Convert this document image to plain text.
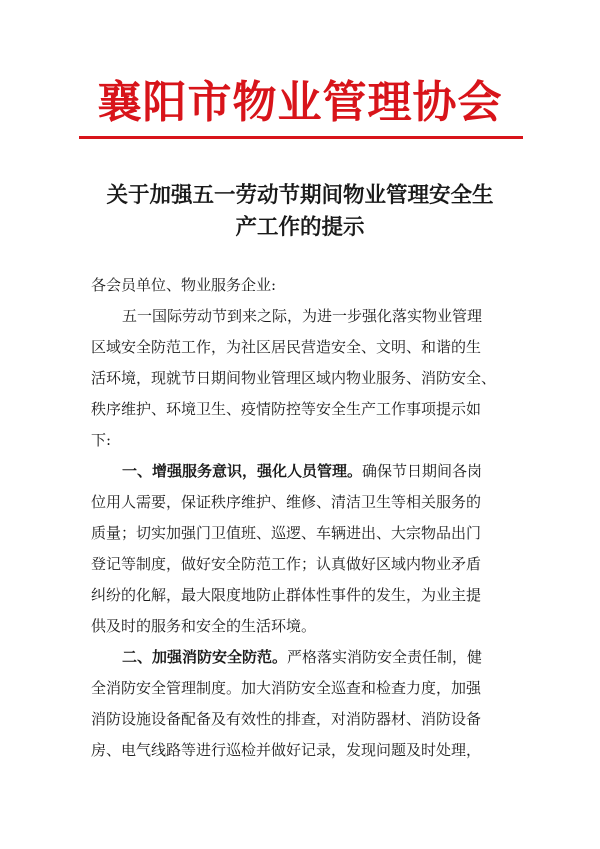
襄阳市物业管理协会
关于加强五一劳动节期间物业管理安全生
产工作的提示
各会员单位、物业服务企业:
五一国际劳动节到来之际，为进一步强化落实物业管理
区域安全防范工作，为社区居民营造安全、文明、和谐的生
活环境，现就节日期间物业管理区域内物业服务、消防安全、
秩序维护、环境卫生、疫情防控等安全生产工作事项提示如
下:
一、增强服务意识，强化人员管理。确保节日期间各岗
位用人需要，保证秩序维护、维修、清洁卫生等相关服务的
质量；切实加强门卫值班、巡逻、车辆进出、大宗物品出门
登记等制度，做好安全防范工作；认真做好区域内物业矛盾
纠纷的化解，最大限度地防止群体性事件的发生，为业主提
供及时的服务和安全的生活环境。
二、加强消防安全防范。严格落实消防安全责任制，健
全消防安全管理制度。加大消防安全巡查和检查力度，加强
消防设施设备配备及有效性的排查，对消防器材、消防设备
房、电气线路等进行巡检并做好记录，发现问题及时处理，
